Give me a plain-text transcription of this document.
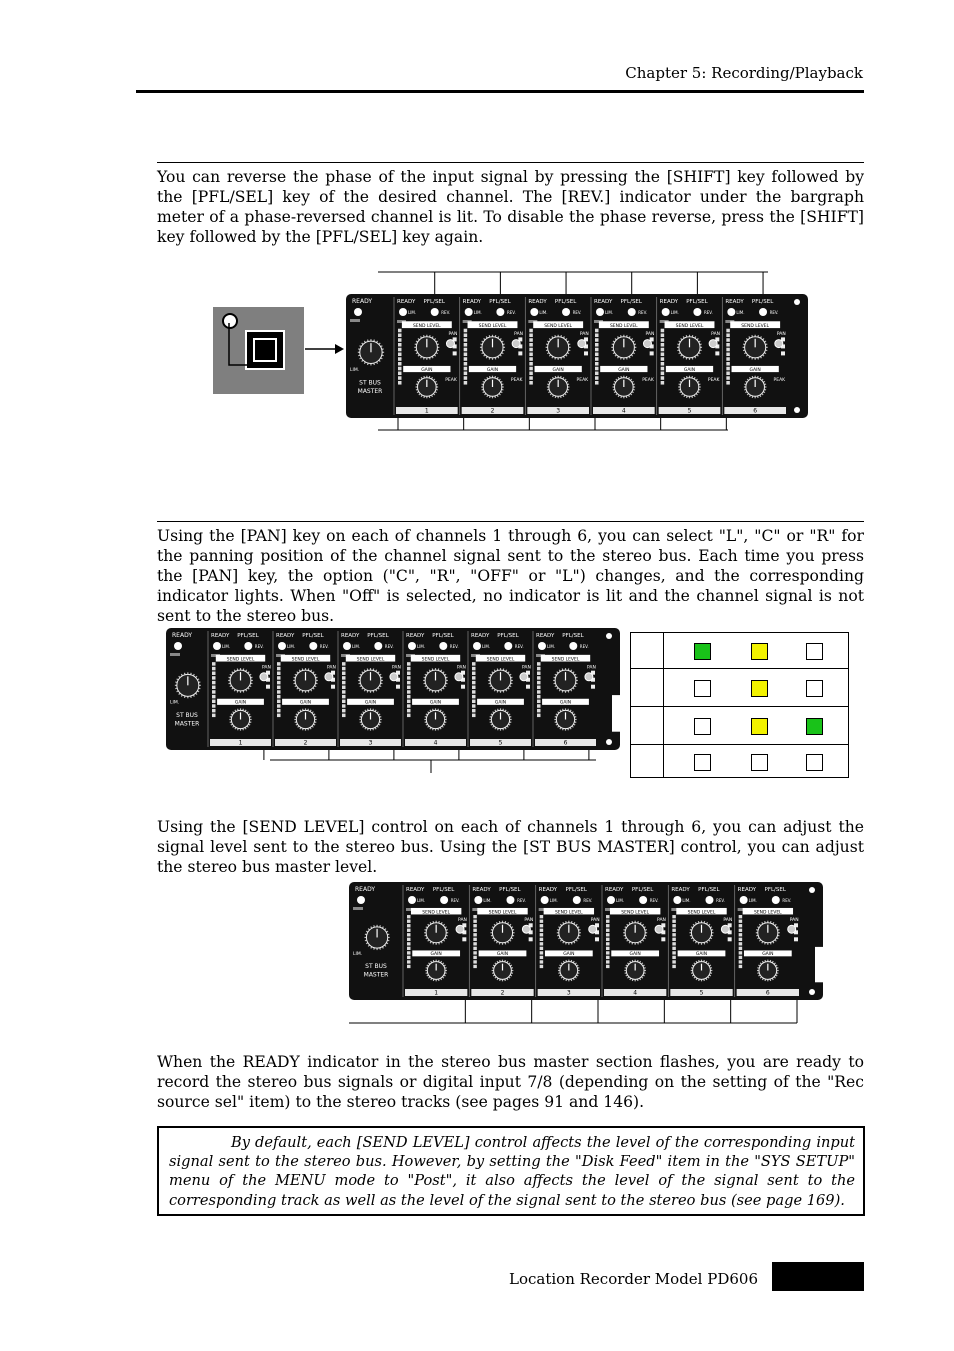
Chapter 5: Recording/Playback
You can reverse the phase of the input signal by pressing the [SHIFT] key followed by the [PFL/SEL] key of the desired channel. The [REV.] indicator under the bargraph meter of a phase-reversed channel is lit. To disable the phase reverse, press the [SHIFT] key followed by the [PFL/SEL] key again.
READY
LIM.
ST BUS
MASTER
READY PFL/SEL
LIM.	REV.
SEND LEVEL
PAN
GAIN
PEAK
1
READY PFL/SEL
LIM.	REV.
SEND LEVEL
PAN
GAIN
PEAK
2
READY PFL/SEL
LIM.	REV.
SEND LEVEL
PAN
GAIN
PEAK
3
READY PFL/SEL
LIM.	REV.
SEND LEVEL
PAN
GAIN
PEAK
4
READY PFL/SEL
LIM.	REV.
SEND LEVEL
PAN
GAIN
PEAK
5
READY PFL/SEL
LIM.	REV.
SEND LEVEL
PAN
GAIN
PEAK
6
Using the [PAN] key on each of channels 1 through 6, you can select "L", "C" or "R" for the panning position of the channel signal sent to the stereo bus. Each time you press the [PAN] key, the option ("C", "R", "OFF" or "L") changes, and the corresponding indicator lights. When "Off" is selected, no indicator is lit and the channel signal is not sent to the stereo bus.
READY
LIM.
ST BUS
MASTER
READY PFL/SEL
LIM.	REV.
SEND LEVEL
PAN
GAIN
1
READY PFL/SEL
LIM.	REV.
SEND LEVEL
PAN
GAIN
2
READY PFL/SEL
LIM.	REV.
SEND LEVEL
PAN
GAIN
3
READY PFL/SEL
LIM.	REV.
SEND LEVEL
PAN
GAIN
4
READY PFL/SEL
LIM.	REV.
SEND LEVEL
PAN
GAIN
5
READY PFL/SEL
LIM.	REV.
SEND LEVEL
PAN
GAIN
6
Using the [SEND LEVEL] control on each of channels 1 through 6, you can adjust the signal level sent to the stereo bus. Using the [ST BUS MASTER] control, you can adjust the stereo bus master level.
READY
LIM.
ST BUS
MASTER
READY PFL/SEL
LIM.	REV.
SEND LEVEL
PAN
GAIN
1
READY PFL/SEL
LIM.	REV.
SEND LEVEL
PAN
GAIN
2
READY PFL/SEL
LIM.	REV.
SEND LEVEL
PAN
GAIN
3
READY PFL/SEL
LIM.	REV.
SEND LEVEL
PAN
GAIN
4
READY PFL/SEL
LIM.	REV.
SEND LEVEL
PAN
GAIN
5
READY PFL/SEL
LIM.	REV.
SEND LEVEL
PAN
GAIN
6
When the READY indicator in the stereo bus master section flashes, you are ready to record the stereo bus signals or digital input 7/8 (depending on the setting of the "Rec source sel" item) to the stereo tracks (see pages 91 and 146).
By default, each [SEND LEVEL] control affects the level of the corresponding input signal sent to the stereo bus. However, by setting the "Disk Feed" item in the "SYS SETUP" menu of the MENU mode to "Post", it also affects the level of the signal sent to the corresponding track as well as the level of the signal sent to the stereo bus (see page 169).
Location Recorder Model PD606
